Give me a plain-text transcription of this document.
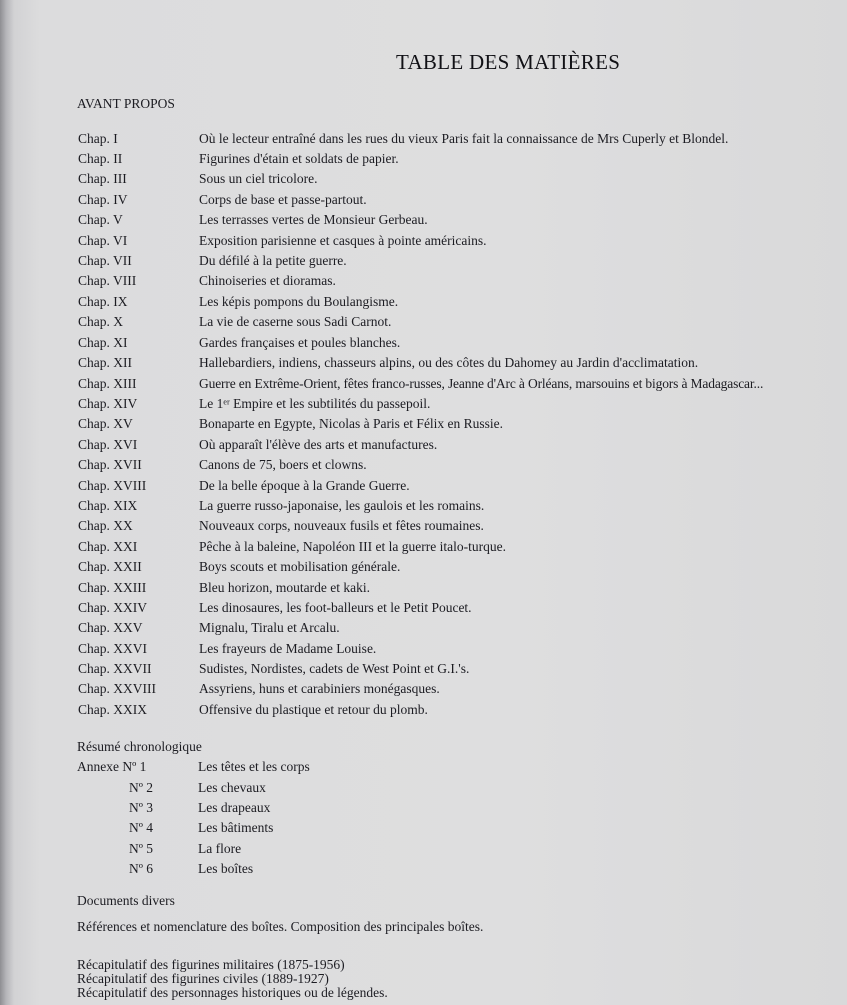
TABLE DES MATIÈRES
AVANT PROPOS
Chap. I	Où le lecteur entraîné dans les rues du vieux Paris fait la connaissance de Mrs Cuperly et Blondel.
Chap. II	Figurines d'étain et soldats de papier.
Chap. III	Sous un ciel tricolore.
Chap. IV	Corps de base et passe-partout.
Chap. V	Les terrasses vertes de Monsieur Gerbeau.
Chap. VI	Exposition parisienne et casques à pointe américains.
Chap. VII	Du défilé à la petite guerre.
Chap. VIII	Chinoiseries et dioramas.
Chap. IX	Les képis pompons du Boulangisme.
Chap. X	La vie de caserne sous Sadi Carnot.
Chap. XI	Gardes françaises et poules blanches.
Chap. XII	Hallebardiers, indiens, chasseurs alpins, ou des côtes du Dahomey au Jardin d'acclimatation.
Chap. XIII	Guerre en Extrême-Orient, fêtes franco-russes, Jeanne d'Arc à Orléans, marsouins et bigors à Madagascar...
Chap. XIV	Le 1ᵉʳ Empire et les subtilités du passepoil.
Chap. XV	Bonaparte en Egypte, Nicolas à Paris et Félix en Russie.
Chap. XVI	Où apparaît l'élève des arts et manufactures.
Chap. XVII	Canons de 75, boers et clowns.
Chap. XVIII	De la belle époque à la Grande Guerre.
Chap. XIX	La guerre russo-japonaise, les gaulois et les romains.
Chap. XX	Nouveaux corps, nouveaux fusils et fêtes roumaines.
Chap. XXI	Pêche à la baleine, Napoléon III et la guerre italo-turque.
Chap. XXII	Boys scouts et mobilisation générale.
Chap. XXIII	Bleu horizon, moutarde et kaki.
Chap. XXIV	Les dinosaures, les foot-balleurs et le Petit Poucet.
Chap. XXV	Mignalu, Tiralu et Arcalu.
Chap. XXVI	Les frayeurs de Madame Louise.
Chap. XXVII	Sudistes, Nordistes, cadets de West Point et G.I.'s.
Chap. XXVIII	Assyriens, huns et carabiniers monégasques.
Chap. XXIX	Offensive du plastique et retour du plomb.
Résumé chronologique
Annexe Nº 1	Les têtes et les corps
Nº 2	Les chevaux
Nº 3	Les drapeaux
Nº 4	Les bâtiments
Nº 5	La flore
Nº 6	Les boîtes
Documents divers
Références et nomenclature des boîtes. Composition des principales boîtes.
Récapitulatif des figurines militaires (1875-1956)
Récapitulatif des figurines civiles (1889-1927)
Récapitulatif des personnages historiques ou de légendes.
